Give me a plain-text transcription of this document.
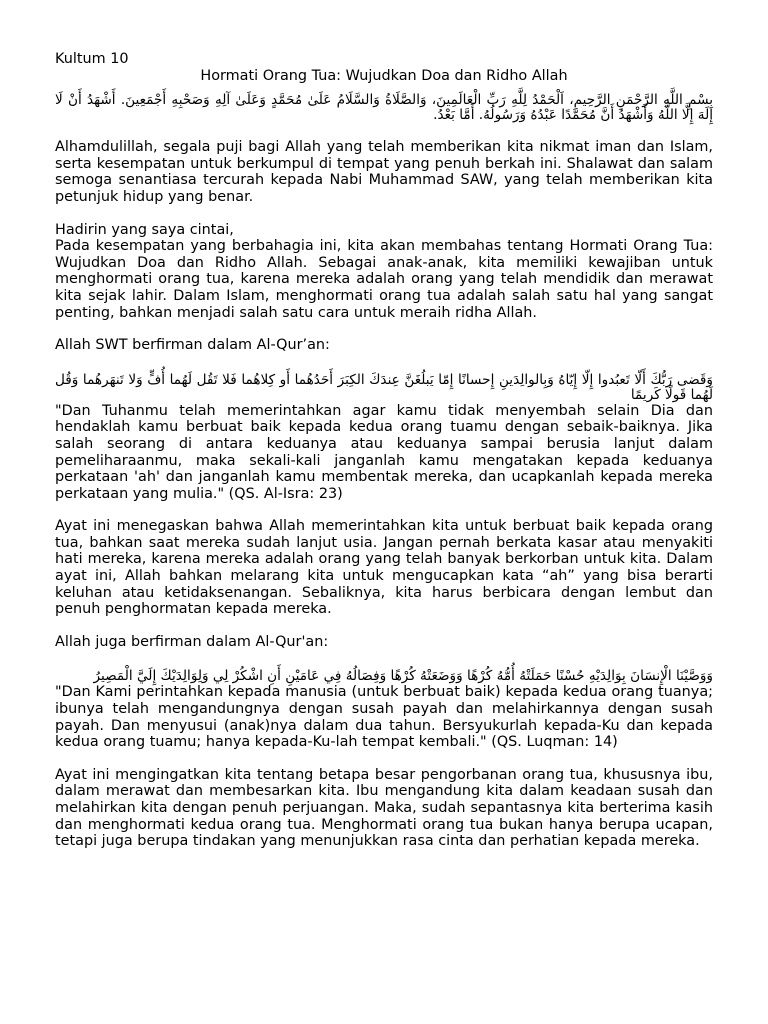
Kultum 10

Hormati Orang Tua: Wujudkan Doa dan Ridho Allah

بِسْمِ اللَّهِ الرَّحْمَنِ الرَّحِيمِ، اَلْحَمْدُ لِلَّهِ رَبِّ الْعَالَمِينَ، وَالصَّلَاةُ وَالسَّلَامُ عَلَىٰ مُحَمَّدٍ وَعَلَىٰ آلِهِ وَصَحْبِهِ أَجْمَعِينَ. أَشْهَدُ أَنْ لَا إِلَهَ إِلَّا اللَّهُ وَأَشْهَدُ أَنَّ مُحَمَّدًا عَبْدُهُ وَرَسُولُهُ. أَمَّا بَعْدُ.

Alhamdulillah, segala puji bagi Allah yang telah memberikan kita nikmat iman dan Islam, serta kesempatan untuk berkumpul di tempat yang penuh berkah ini. Shalawat dan salam semoga senantiasa tercurah kepada Nabi Muhammad SAW, yang telah memberikan kita petunjuk hidup yang benar.

Hadirin yang saya cintai,

Pada kesempatan yang berbahagia ini, kita akan membahas tentang Hormati Orang Tua: Wujudkan Doa dan Ridho Allah. Sebagai anak-anak, kita memiliki kewajiban untuk menghormati orang tua, karena mereka adalah orang yang telah mendidik dan merawat kita sejak lahir. Dalam Islam, menghormati orang tua adalah salah satu hal yang sangat penting, bahkan menjadi salah satu cara untuk meraih ridha Allah.

Allah SWT berfirman dalam Al-Qur’an:

وَقَضى رَبُّكَ أَلّا تَعبُدوا إِلّا إِيّاهُ وَبِالوالِدَينِ إِحسانًا إِمّا يَبلُغَنَّ عِندَكَ الكِبَرَ أَحَدُهُما أَو كِلاهُما فَلا تَقُل لَهُما أُفٍّ وَلا تَنهَرهُما وَقُل لَهُما قَولًا كَريمًا

"Dan Tuhanmu telah memerintahkan agar kamu tidak menyembah selain Dia dan hendaklah kamu berbuat baik kepada kedua orang tuamu dengan sebaik-baiknya. Jika salah seorang di antara keduanya atau keduanya sampai berusia lanjut dalam pemeliharaanmu, maka sekali-kali janganlah kamu mengatakan kepada keduanya perkataan 'ah' dan janganlah kamu membentak mereka, dan ucapkanlah kepada mereka perkataan yang mulia." (QS. Al-Isra: 23)

Ayat ini menegaskan bahwa Allah memerintahkan kita untuk berbuat baik kepada orang tua, bahkan saat mereka sudah lanjut usia. Jangan pernah berkata kasar atau menyakiti hati mereka, karena mereka adalah orang yang telah banyak berkorban untuk kita. Dalam ayat ini, Allah bahkan melarang kita untuk mengucapkan kata “ah” yang bisa berarti keluhan atau ketidaksenangan. Sebaliknya, kita harus berbicara dengan lembut dan penuh penghormatan kepada mereka.

Allah juga berfirman dalam Al-Qur'an:

وَوَصَّيْنَا الْإِنسَانَ بِوَالِدَيْهِ حُسْنًا حَمَلَتْهُ أُمُّهُ كُرْهًا وَوَضَعَتْهُ كُرْهًا وَفِصَالُهُ فِي عَامَيْنِ أَنِ اشْكُرْ لِي وَلِوَالِدَيْكَ إِلَيَّ الْمَصِيرُ

"Dan Kami perintahkan kepada manusia (untuk berbuat baik) kepada kedua orang tuanya; ibunya telah mengandungnya dengan susah payah dan melahirkannya dengan susah payah. Dan menyusui (anak)nya dalam dua tahun. Bersyukurlah kepada-Ku dan kepada kedua orang tuamu; hanya kepada-Ku-lah tempat kembali." (QS. Luqman: 14)

Ayat ini mengingatkan kita tentang betapa besar pengorbanan orang tua, khususnya ibu, dalam merawat dan membesarkan kita. Ibu mengandung kita dalam keadaan susah dan melahirkan kita dengan penuh perjuangan. Maka, sudah sepantasnya kita berterima kasih dan menghormati kedua orang tua. Menghormati orang tua bukan hanya berupa ucapan, tetapi juga berupa tindakan yang menunjukkan rasa cinta dan perhatian kepada mereka.
